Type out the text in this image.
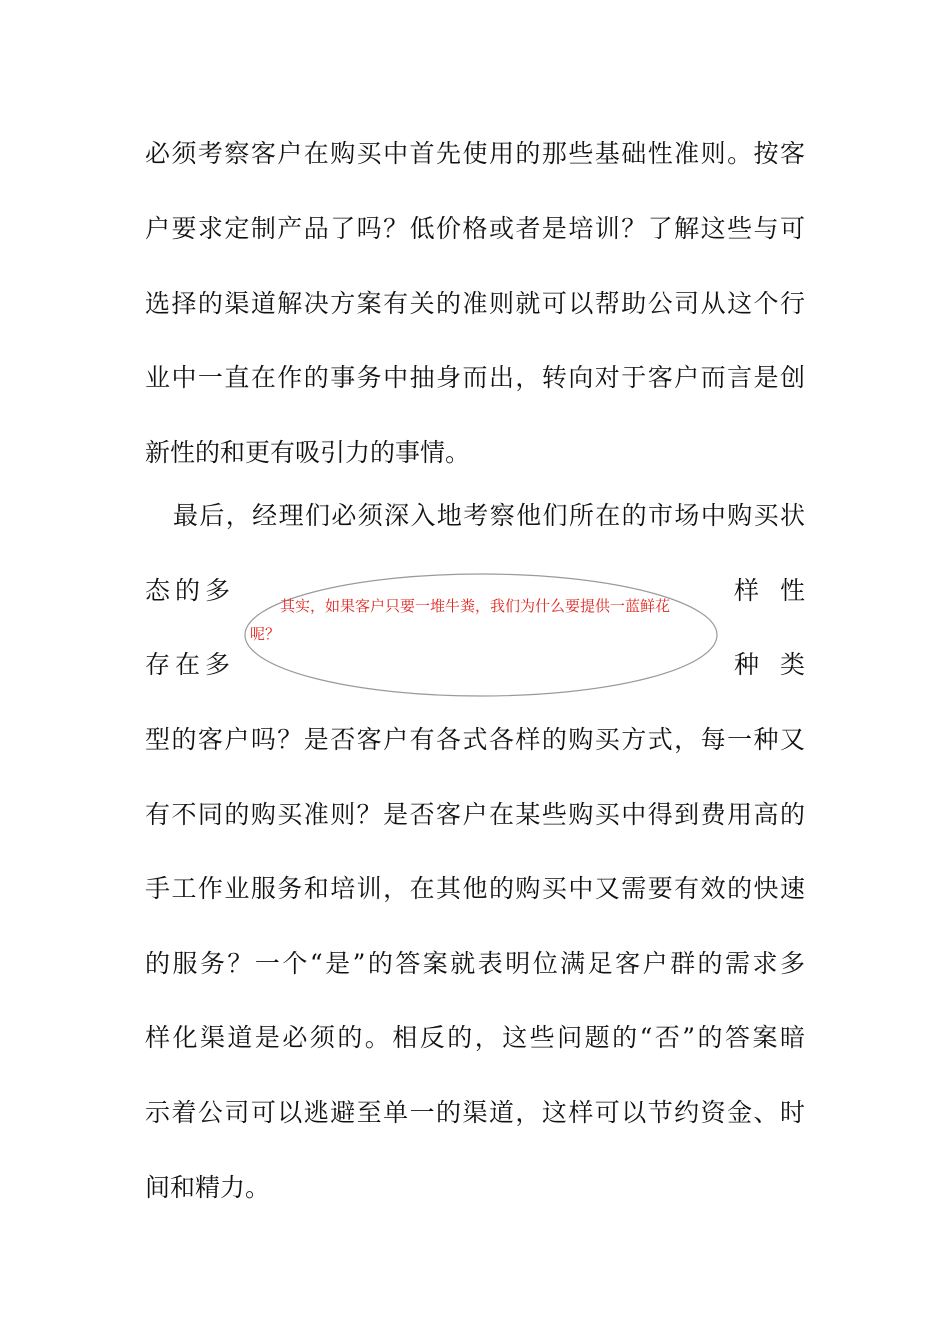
必须考察客户在购买中首先使用的那些基础性准则。按客
户要求定制产品了吗？低价格或者是培训？了解这些与可
选择的渠道解决方案有关的准则就可以帮助公司从这个行
业中一直在作的事务中抽身而出，转向对于客户而言是创
新性的和更有吸引力的事情。
最后，经理们必须深入地考察他们所在的市场中购买状
态的多	样性
存在多	种类
型的客户吗？是否客户有各式各样的购买方式，每一种又
有不同的购买准则？是否客户在某些购买中得到费用高的
手工作业服务和培训，在其他的购买中又需要有效的快速
的服务？一个“是”的答案就表明位满足客户群的需求多
样化渠道是必须的。相反的，这些问题的“否”的答案暗
示着公司可以逃避至单一的渠道，这样可以节约资金、时
间和精力。
其实，如果客户只要一堆牛粪，我们为什么要提供一蓝鲜花呢？
